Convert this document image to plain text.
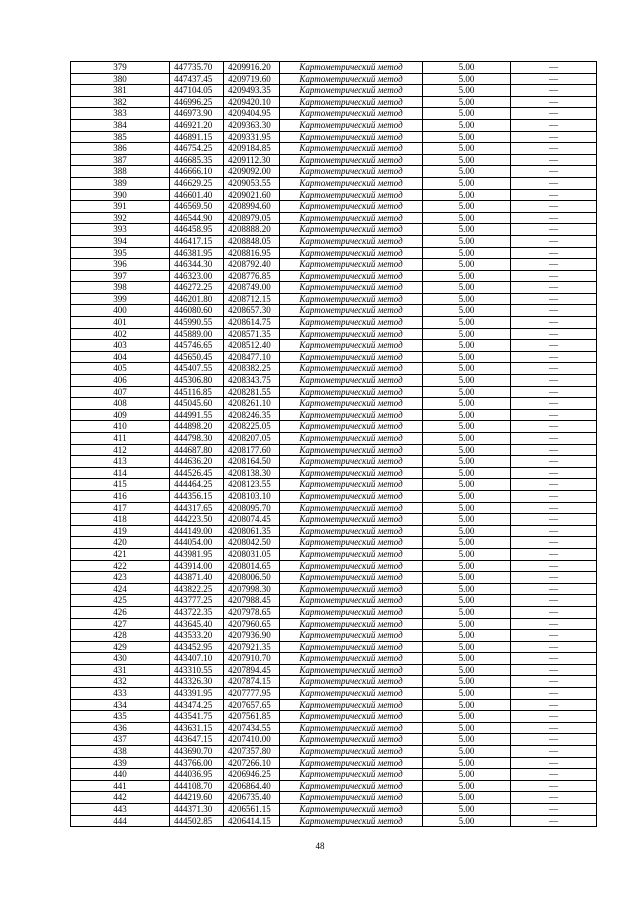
379	447735.70	4209916.20	Картометрический метод	5.00	—
380	447437.45	4209719.60	Картометрический метод	5.00	—
381	447104.05	4209493.35	Картометрический метод	5.00	—
382	446996.25	4209420.10	Картометрический метод	5.00	—
383	446973.90	4209404.95	Картометрический метод	5.00	—
384	446921.20	4209363.30	Картометрический метод	5.00	—
385	446891.15	4209331.95	Картометрический метод	5.00	—
386	446754.25	4209184.85	Картометрический метод	5.00	—
387	446685.35	4209112.30	Картометрический метод	5.00	—
388	446666.10	4209092.00	Картометрический метод	5.00	—
389	446629.25	4209053.55	Картометрический метод	5.00	—
390	446601.40	4209021.60	Картометрический метод	5.00	—
391	446569.50	4208994.60	Картометрический метод	5.00	—
392	446544.90	4208979.05	Картометрический метод	5.00	—
393	446458.95	4208888.20	Картометрический метод	5.00	—
394	446417.15	4208848.05	Картометрический метод	5.00	—
395	446381.95	4208816.95	Картометрический метод	5.00	—
396	446344.30	4208792.40	Картометрический метод	5.00	—
397	446323.00	4208776.85	Картометрический метод	5.00	—
398	446272.25	4208749.00	Картометрический метод	5.00	—
399	446201.80	4208712.15	Картометрический метод	5.00	—
400	446080.60	4208657.30	Картометрический метод	5.00	—
401	445990.55	4208614.75	Картометрический метод	5.00	—
402	445889.00	4208571.35	Картометрический метод	5.00	—
403	445746.65	4208512.40	Картометрический метод	5.00	—
404	445650.45	4208477.10	Картометрический метод	5.00	—
405	445407.55	4208382.25	Картометрический метод	5.00	—
406	445306.80	4208343.75	Картометрический метод	5.00	—
407	445116.85	4208281.55	Картометрический метод	5.00	—
408	445045.60	4208261.10	Картометрический метод	5.00	—
409	444991.55	4208246.35	Картометрический метод	5.00	—
410	444898.20	4208225.05	Картометрический метод	5.00	—
411	444798.30	4208207.05	Картометрический метод	5.00	—
412	444687.80	4208177.60	Картометрический метод	5.00	—
413	444636.20	4208164.50	Картометрический метод	5.00	—
414	444526.45	4208138.30	Картометрический метод	5.00	—
415	444464.25	4208123.55	Картометрический метод	5.00	—
416	444356.15	4208103.10	Картометрический метод	5.00	—
417	444317.65	4208095.70	Картометрический метод	5.00	—
418	444223.50	4208074.45	Картометрический метод	5.00	—
419	444149.00	4208061.35	Картометрический метод	5.00	—
420	444054.00	4208042.50	Картометрический метод	5.00	—
421	443981.95	4208031.05	Картометрический метод	5.00	—
422	443914.00	4208014.65	Картометрический метод	5.00	—
423	443871.40	4208006.50	Картометрический метод	5.00	—
424	443822.25	4207998.30	Картометрический метод	5.00	—
425	443777.25	4207988.45	Картометрический метод	5.00	—
426	443722.35	4207978.65	Картометрический метод	5.00	—
427	443645.40	4207960.65	Картометрический метод	5.00	—
428	443533.20	4207936.90	Картометрический метод	5.00	—
429	443452.95	4207921.35	Картометрический метод	5.00	—
430	443407.10	4207910.70	Картометрический метод	5.00	—
431	443310.55	4207894.45	Картометрический метод	5.00	—
432	443326.30	4207874.15	Картометрический метод	5.00	—
433	443391.95	4207777.95	Картометрический метод	5.00	—
434	443474.25	4207657.65	Картометрический метод	5.00	—
435	443541.75	4207561.85	Картометрический метод	5.00	—
436	443631.15	4207434.55	Картометрический метод	5.00	—
437	443647.15	4207410.00	Картометрический метод	5.00	—
438	443690.70	4207357.80	Картометрический метод	5.00	—
439	443766.00	4207266.10	Картометрический метод	5.00	—
440	444036.95	4206946.25	Картометрический метод	5.00	—
441	444108.70	4206864.40	Картометрический метод	5.00	—
442	444219.60	4206735.40	Картометрический метод	5.00	—
443	444371.30	4206561.15	Картометрический метод	5.00	—
444	444502.85	4206414.15	Картометрический метод	5.00	—
48
